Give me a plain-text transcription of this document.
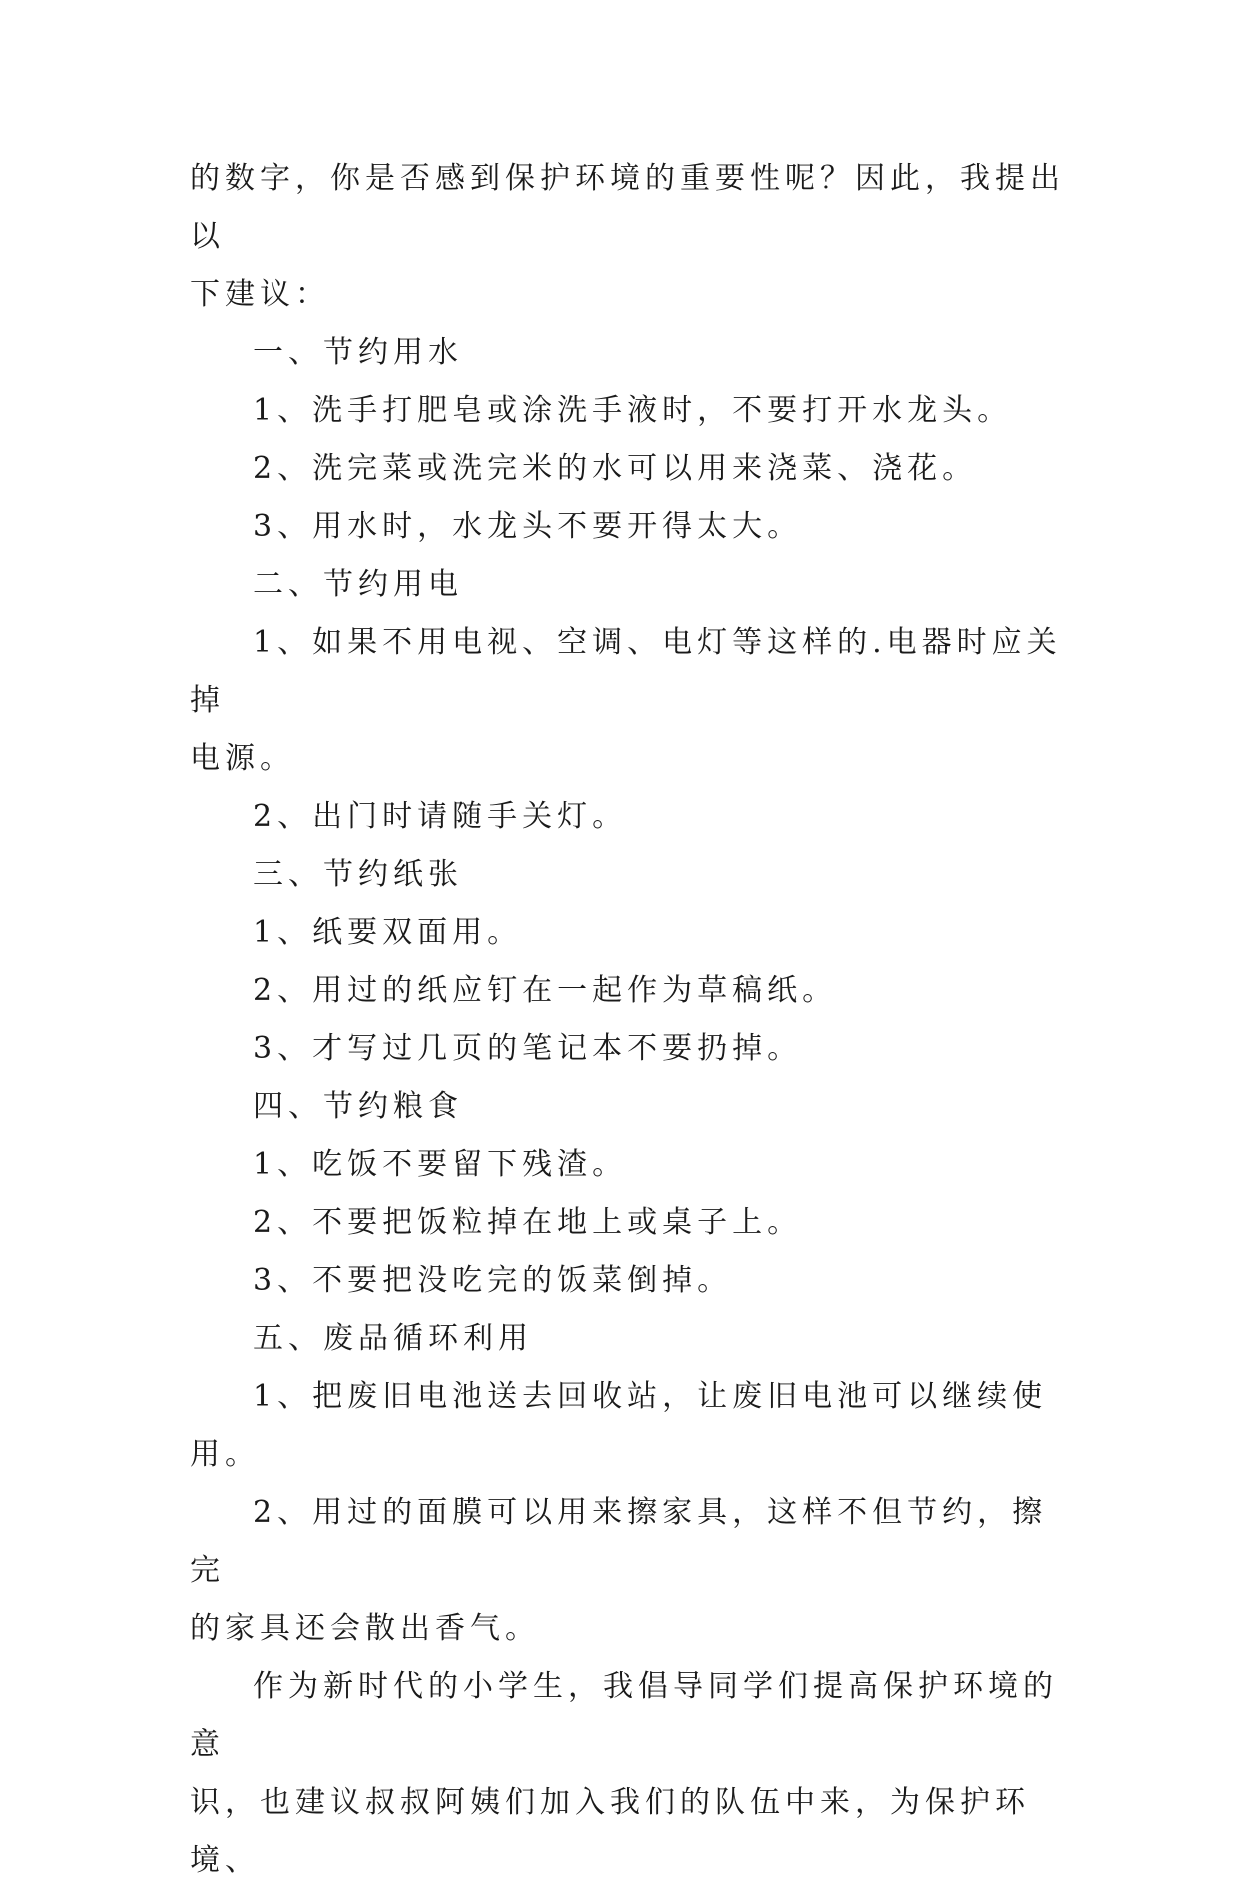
的数字，你是否感到保护环境的重要性呢？因此，我提出以

下建议：

一、节约用水

1、洗手打肥皂或涂洗手液时，不要打开水龙头。

2、洗完菜或洗完米的水可以用来浇菜、浇花。

3、用水时，水龙头不要开得太大。

二、节约用电

1、如果不用电视、空调、电灯等这样的.电器时应关掉

电源。

2、出门时请随手关灯。

三、节约纸张

1、纸要双面用。

2、用过的纸应钉在一起作为草稿纸。

3、才写过几页的笔记本不要扔掉。

四、节约粮食

1、吃饭不要留下残渣。

2、不要把饭粒掉在地上或桌子上。

3、不要把没吃完的饭菜倒掉。

五、废品循环利用

1、把废旧电池送去回收站，让废旧电池可以继续使用。

2、用过的面膜可以用来擦家具，这样不但节约，擦完

的家具还会散出香气。

作为新时代的小学生，我倡导同学们提高保护环境的意

识，也建议叔叔阿姨们加入我们的队伍中来，为保护环境、
